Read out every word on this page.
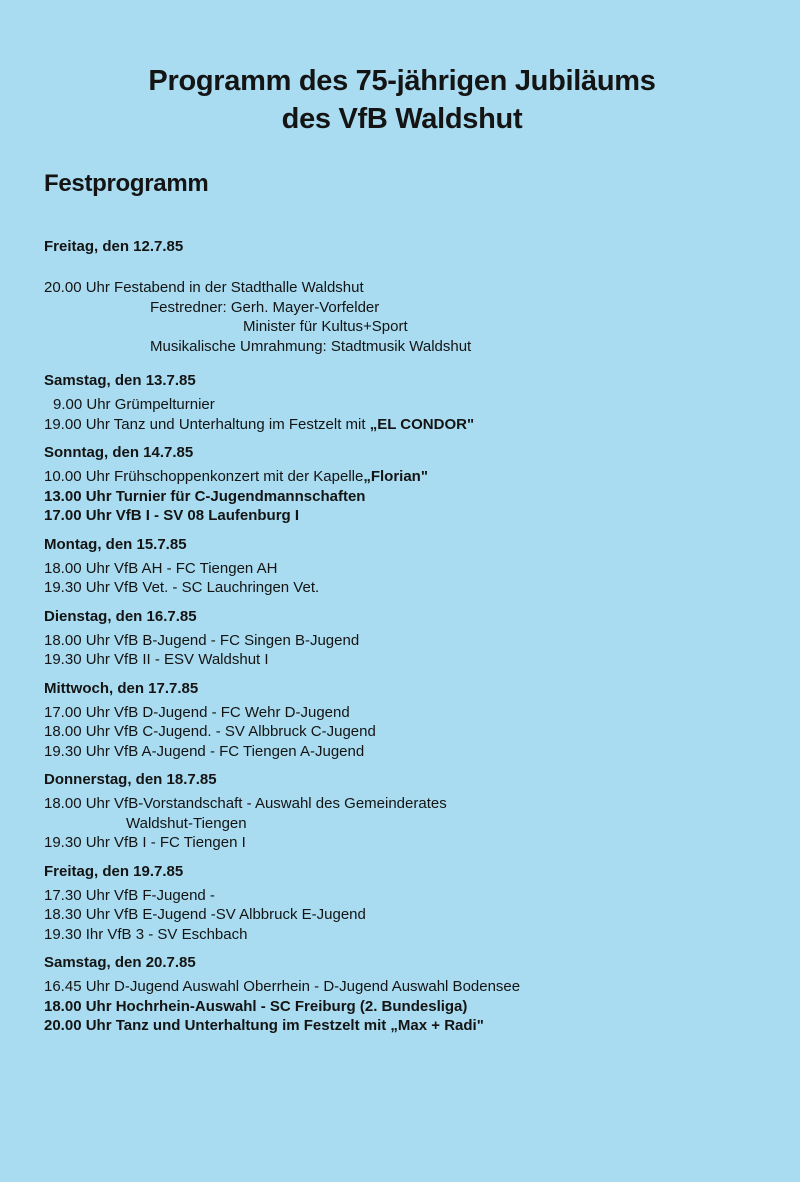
Programm des 75-jährigen Jubiläums
des VfB Waldshut
Festprogramm
Freitag, den 12.7.85
20.00 Uhr Festabend in der Stadthalle Waldshut
Festredner: Gerh. Mayer-Vorfelder
Minister für Kultus+Sport
Musikalische Umrahmung: Stadtmusik Waldshut
Samstag, den 13.7.85
9.00 Uhr Grümpelturnier
19.00 Uhr Tanz und Unterhaltung im Festzelt mit „EL CONDOR"
Sonntag, den 14.7.85
10.00 Uhr Frühschoppenkonzert mit der Kapelle„Florian"
13.00 Uhr Turnier für C-Jugendmannschaften
17.00 Uhr VfB I - SV 08 Laufenburg I
Montag, den 15.7.85
18.00 Uhr VfB AH - FC Tiengen AH
19.30 Uhr VfB Vet. - SC Lauchringen Vet.
Dienstag, den 16.7.85
18.00 Uhr VfB B-Jugend - FC Singen B-Jugend
19.30 Uhr VfB II - ESV Waldshut I
Mittwoch, den 17.7.85
17.00 Uhr VfB D-Jugend - FC Wehr D-Jugend
18.00 Uhr VfB C-Jugend. - SV Albbruck C-Jugend
19.30 Uhr VfB A-Jugend - FC Tiengen A-Jugend
Donnerstag, den 18.7.85
18.00 Uhr VfB-Vorstandschaft - Auswahl des Gemeinderates
Waldshut-Tiengen
19.30 Uhr VfB I - FC Tiengen I
Freitag, den 19.7.85
17.30 Uhr VfB F-Jugend -
18.30 Uhr VfB E-Jugend -SV Albbruck E-Jugend
19.30 Ihr VfB 3 - SV Eschbach
Samstag, den 20.7.85
16.45 Uhr D-Jugend Auswahl Oberrhein - D-Jugend Auswahl Bodensee
18.00 Uhr Hochrhein-Auswahl - SC Freiburg (2. Bundesliga)
20.00 Uhr Tanz und Unterhaltung im Festzelt mit „Max + Radi"
